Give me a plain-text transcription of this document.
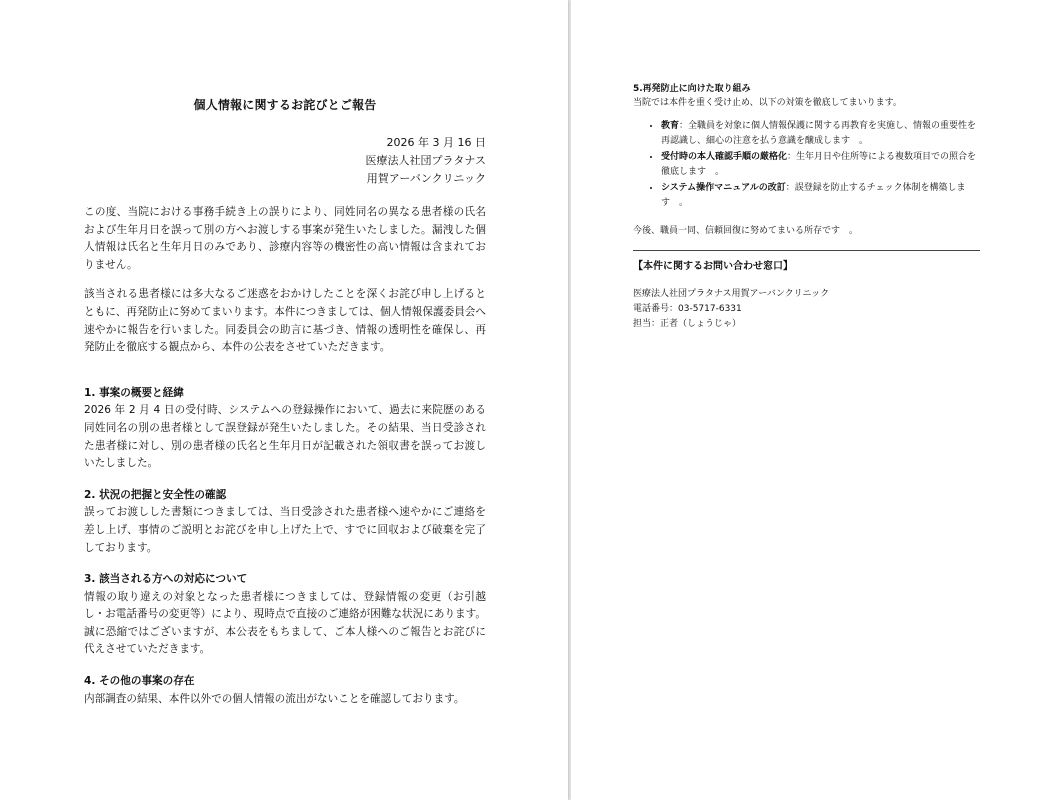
個人情報に関するお詫びとご報告
2026 年 3 月 16 日
医療法人社団プラタナス
用賀アーバンクリニック
この度、当院における事務手続き上の誤りにより、同姓同名の異なる患者様の氏名および生年月日を誤って別の方へお渡しする事案が発生いたしました。漏洩した個人情報は氏名と生年月日のみであり、診療内容等の機密性の高い情報は含まれておりません。
該当される患者様には多大なるご迷惑をおかけしたことを深くお詫び申し上げるとともに、再発防止に努めてまいります。本件につきましては、個人情報保護委員会へ速やかに報告を行いました。同委員会の助言に基づき、情報の透明性を確保し、再発防止を徹底する観点から、本件の公表をさせていただきます。
1. 事案の概要と経緯
2026 年 2 月 4 日の受付時、システムへの登録操作において、過去に来院歴のある同姓同名の別の患者様として誤登録が発生いたしました。その結果、当日受診された患者様に対し、別の患者様の氏名と生年月日が記載された領収書を誤ってお渡しいたしました。
2. 状況の把握と安全性の確認
誤ってお渡しした書類につきましては、当日受診された患者様へ速やかにご連絡を差し上げ、事情のご説明とお詫びを申し上げた上で、すでに回収および破棄を完了しております。
3. 該当される方への対応について
情報の取り違えの対象となった患者様につきましては、登録情報の変更（お引越し・お電話番号の変更等）により、現時点で直接のご連絡が困難な状況にあります。誠に恐縮ではございますが、本公表をもちまして、ご本人様へのご報告とお詫びに代えさせていただきます。
4. その他の事案の存在
内部調査の結果、本件以外での個人情報の流出がないことを確認しております。
5.再発防止に向けた取り組み
当院では本件を重く受け止め、以下の対策を徹底してまいります。
• 教育：全職員を対象に個人情報保護に関する再教育を実施し、情報の重要性を再認識し、細心の注意を払う意識を醸成します　。
• 受付時の本人確認手順の厳格化：生年月日や住所等による複数項目での照合を徹底します　。
• システム操作マニュアルの改訂：誤登録を防止するチェック体制を構築します　。
今後、職員一同、信頼回復に努めてまいる所存です　。
【本件に関するお問い合わせ窓口】
医療法人社団プラタナス用賀アーバンクリニック
電話番号：03-5717-6331
担当：正者（しょうじゃ）
